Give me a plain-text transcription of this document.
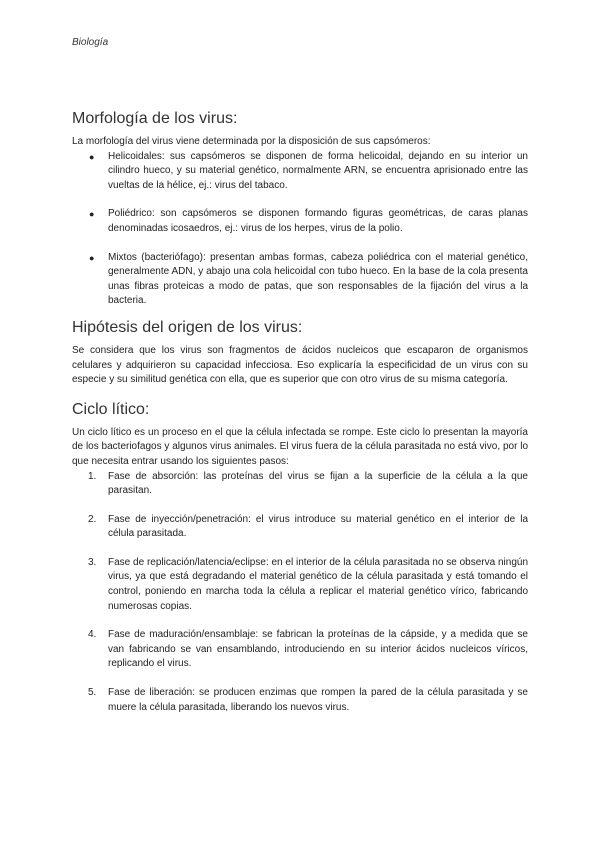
Biología
Morfología de los virus:

La morfología del virus viene determinada por la disposición de sus capsómeros:

● Helicoidales: sus capsómeros se disponen de forma helicoidal, dejando en su interior un cilindro hueco, y su material genético, normalmente ARN, se encuentra aprisionado entre las vueltas de la hélice, ej.: virus del tabaco.
● Poliédrico: son capsómeros se disponen formando figuras geométricas, de caras planas denominadas icosaedros, ej.: virus de los herpes, virus de la polio.
● Mixtos (bacteriófago): presentan ambas formas, cabeza poliédrica con el material genético, generalmente ADN, y abajo una cola helicoidal con tubo hueco. En la base de la cola presenta unas fibras proteicas a modo de patas, que son responsables de la fijación del virus a la bacteria.
Hipótesis del origen de los virus:

Se considera que los virus son fragmentos de ácidos nucleicos que escaparon de organismos celulares y adquirieron su capacidad infecciosa. Eso explicaría la especificidad de un virus con su especie y su similitud genética con ella, que es superior que con otro virus de su misma categoría.

Ciclo lítico:

Un ciclo lítico es un proceso en el que la célula infectada se rompe. Este ciclo lo presentan la mayoría de los bacteriofagos y algunos virus animales. El virus fuera de la célula parasitada no está vivo, por lo que necesita entrar usando los siguientes pasos:

1. Fase de absorción: las proteínas del virus se fijan a la superficie de la célula a la que parasitan.
2. Fase de inyección/penetración: el virus introduce su material genético en el interior de la célula parasitada.
3. Fase de replicación/latencia/eclipse: en el interior de la célula parasitada no se observa ningún virus, ya que está degradando el material genético de la célula parasitada y está tomando el control, poniendo en marcha toda la célula a replicar el material genético vírico, fabricando numerosas copias.
4. Fase de maduración/ensamblaje: se fabrican la proteínas de la cápside, y a medida que se van fabricando se van ensamblando, introduciendo en su interior ácidos nucleicos víricos, replicando el virus.
5. Fase de liberación: se producen enzimas que rompen la pared de la célula parasitada y se muere la célula parasitada, liberando los nuevos virus.
